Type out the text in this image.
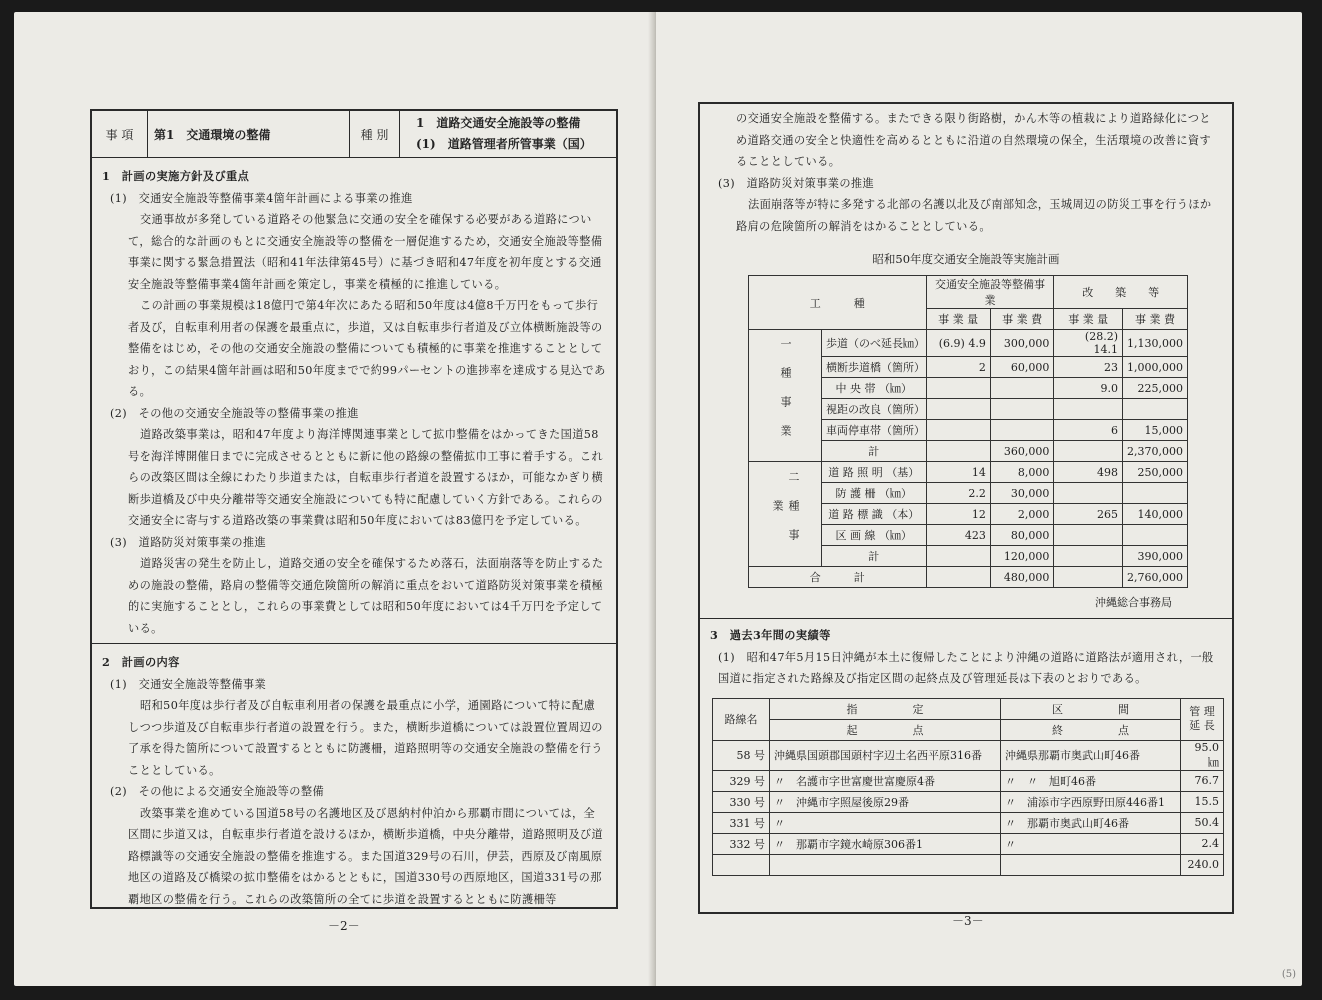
事 項	第1　交通環境の整備	種 別
1　道路交通安全施設等の整備
(1)　道路管理者所管事業（国）

1　計画の実施方針及び重点

(1)　交通安全施設等整備事業4箇年計画による事業の推進

交通事故が多発している道路その他緊急に交通の安全を確保する必要がある道路について，総合的な計画のもとに交通安全施設等の整備を一層促進するため，交通安全施設等整備事業に関する緊急措置法（昭和41年法律第45号）に基づき昭和47年度を初年度とする交通安全施設等整備事業4箇年計画を策定し，事業を積極的に推進している。

この計画の事業規模は18億円で第4年次にあたる昭和50年度は4億8千万円をもって歩行者及び，自転車利用者の保護を最重点に，歩道，又は自転車歩行者道及び立体横断施設等の整備をはじめ，その他の交通安全施設の整備についても積極的に事業を推進することとしており，この結果4箇年計画は昭和50年度までで約99パーセントの進捗率を達成する見込である。

(2)　その他の交通安全施設等の整備事業の推進

道路改築事業は，昭和47年度より海洋博関連事業として拡巾整備をはかってきた国道58号を海洋博開催日までに完成させるとともに新に他の路線の整備拡巾工事に着手する。これらの改築区間は全線にわたり歩道または，自転車歩行者道を設置するほか，可能なかぎり横断歩道橋及び中央分離帯等交通安全施設についても特に配慮していく方針である。これらの交通安全に寄与する道路改築の事業費は昭和50年度においては83億円を予定している。

(3)　道路防災対策事業の推進

道路災害の発生を防止し，道路交通の安全を確保するため落石，法面崩落等を防止するための施設の整備，路肩の整備等交通危険箇所の解消に重点をおいて道路防災対策事業を積極的に実施することとし，これらの事業費としては昭和50年度においては4千万円を予定している。

2　計画の内容

(1)　交通安全施設等整備事業

昭和50年度は歩行者及び自転車利用者の保護を最重点に小学，通園路について特に配慮しつつ歩道及び自転車歩行者道の設置を行う。また，横断歩道橋については設置位置周辺の了承を得た箇所について設置するとともに防護柵，道路照明等の交通安全施設の整備を行うこととしている。

(2)　その他による交通安全施設等の整備

改築事業を進めている国道58号の名護地区及び恩納村仲泊から那覇市間については，全区間に歩道又は，自転車歩行者道を設けるほか，横断歩道橋，中央分離帯，道路照明及び道路標識等の交通安全施設の整備を推進する。また国道329号の石川，伊芸，西原及び南風原地区の道路及び橋梁の拡巾整備をはかるとともに，国道330号の西原地区，国道331号の那覇地区の整備を行う。これらの改築箇所の全てに歩道を設置するとともに防護柵等

－2－

の交通安全施設を整備する。またできる限り街路樹，かん木等の植栽により道路緑化につとめ道路交通の安全と快適性を高めるとともに沿道の自然環境の保全，生活環境の改善に資することとしている。

(3)　道路防災対策事業の推進

法面崩落等が特に多発する北部の名護以北及び南部知念，玉城周辺の防災工事を行うほか路肩の危険箇所の解消をはかることとしている。

昭和50年度交通安全施設等実施計画
工　　　種		交通安全施設等整備事業		改　　築　　等	
		事 業 量	事 業 費	事 業 量	事 業 費
一種事業	歩道（のべ延長㎞）	(6.9) 4.9	300,000	(28.2) 14.1	1,130,000
	横断歩道橋（箇所）	2	60,000	23	1,000,000
	中 央 帯 （㎞）			9.0	225,000
	視距の改良（箇所）				
	車両停車帯（箇所）			6	15,000
	計		360,000		2,370,000
二種事業	道 路 照 明 （基）	14	8,000	498	250,000
	防 護 柵 （㎞）	2.2	30,000		
	道 路 標 識 （本）	12	2,000	265	140,000
	区 画 線 （㎞）	423	80,000		
	計		120,000		390,000
合　　　計			480,000		2,760,000
沖縄総合事務局

3　過去3年間の実績等

(1)　昭和47年5月15日沖縄が本土に復帰したことにより沖縄の道路に道路法が適用され，一般国道に指定された路線及び指定区間の起終点及び管理延長は下表のとおりである。

路線名	指　　　　　定	区　　　　　間	管 理 延 長
	起　　　　　点	終　　　　　点	
58 号	沖縄県国頭郡国頭村字辺土名西平原316番	沖縄県那覇市奥武山町46番	95.0㎞
329 号	〃　名護市字世富慶世富慶原4番	〃　〃　旭町46番	76.7
330 号	〃　沖縄市字照屋後原29番	〃　浦添市字西原野田原446番1	15.5
331 号	〃	〃　那覇市奥武山町46番	50.4
332 号	〃　那覇市字鏡水崎原306番1	〃	2.4
			240.0
－3－
(5)
